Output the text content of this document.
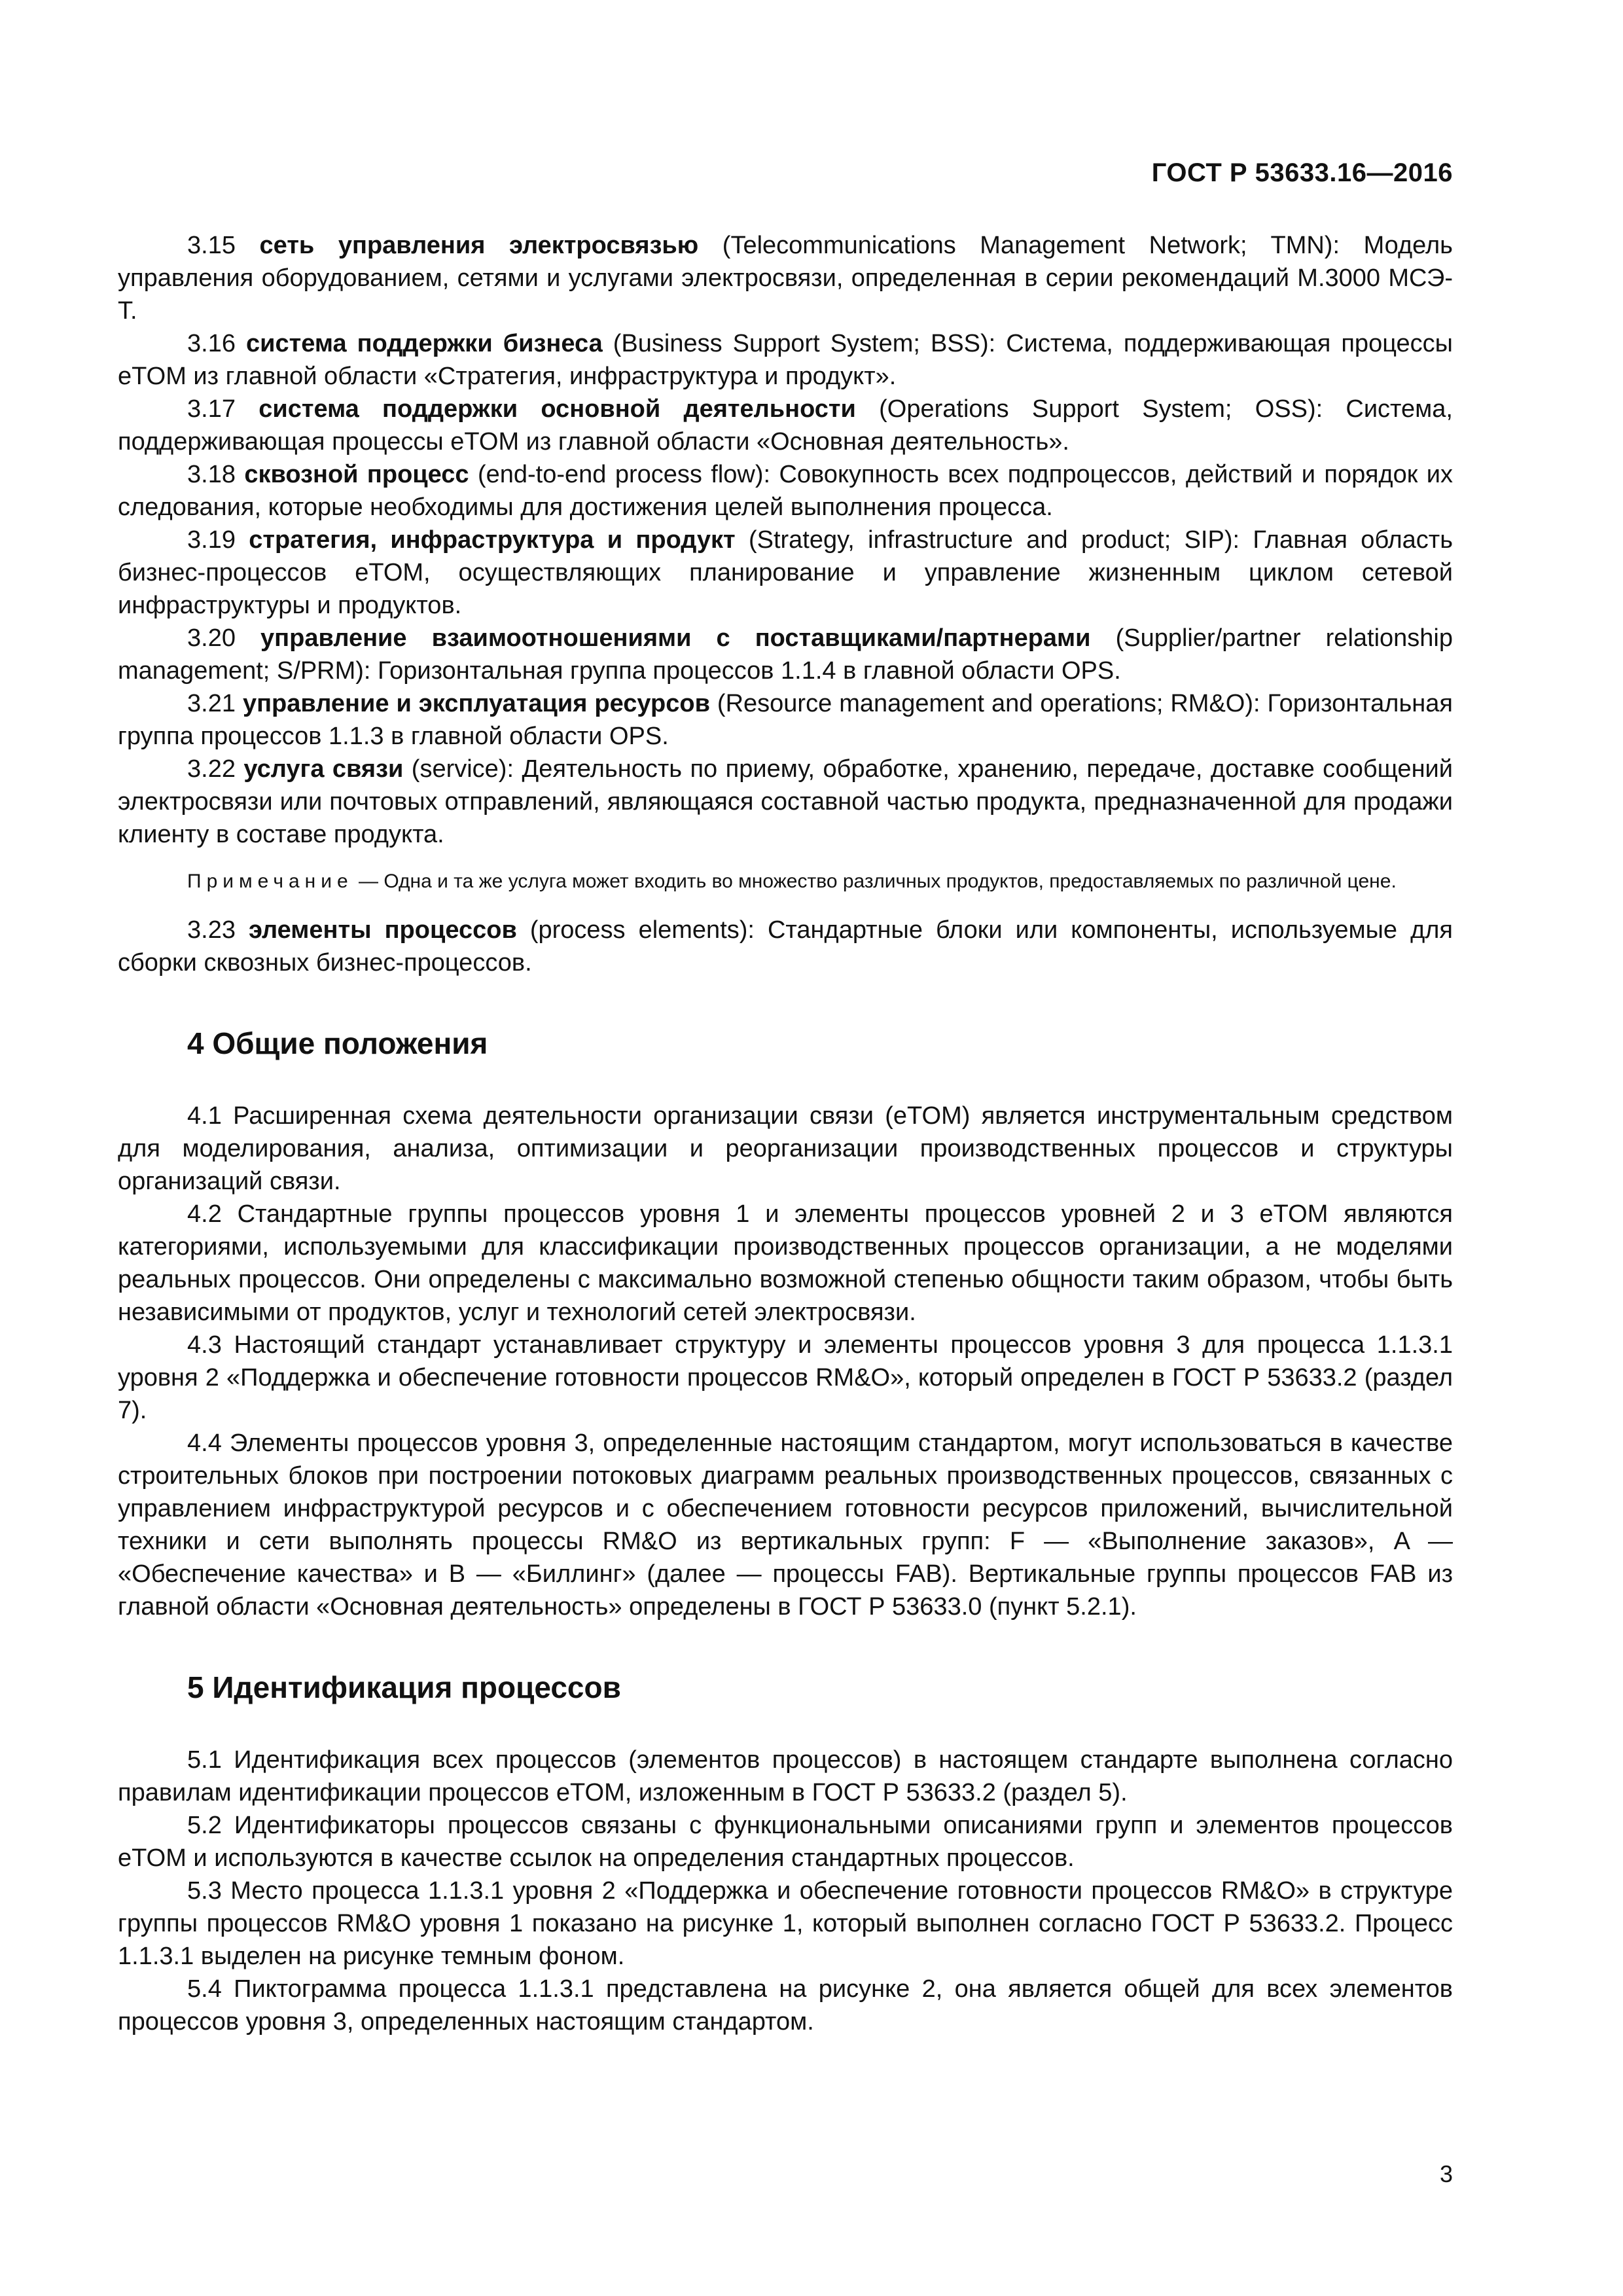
ГОСТ Р 53633.16—2016

3.15 сеть управления электросвязью (Telecommunications Management Network; TMN): Модель управления оборудованием, сетями и услугами электросвязи, определенная в серии рекомендаций M.3000 МСЭ-Т.

3.16 система поддержки бизнеса (Business Support System; BSS): Система, поддерживающая процессы eTOM из главной области «Стратегия, инфраструктура и продукт».

3.17 система поддержки основной деятельности (Operations Support System; OSS): Система, поддерживающая процессы eTOM из главной области «Основная деятельность».

3.18 сквозной процесс (end-to-end process flow): Совокупность всех подпроцессов, действий и порядок их следования, которые необходимы для достижения целей выполнения процесса.

3.19 стратегия, инфраструктура и продукт (Strategy, infrastructure and product; SIP): Главная область бизнес-процессов eTOM, осуществляющих планирование и управление жизненным циклом сетевой инфраструктуры и продуктов.

3.20 управление взаимоотношениями с поставщиками/партнерами (Supplier/partner relationship management; S/PRM): Горизонтальная группа процессов 1.1.4 в главной области OPS.

3.21 управление и эксплуатация ресурсов (Resource management and operations; RM&O): Горизонтальная группа процессов 1.1.3 в главной области OPS.

3.22 услуга связи (service): Деятельность по приему, обработке, хранению, передаче, доставке сообщений электросвязи или почтовых отправлений, являющаяся составной частью продукта, предназначенной для продажи клиенту в составе продукта.

Примечание — Одна и та же услуга может входить во множество различных продуктов, предоставляемых по различной цене.

3.23 элементы процессов (process elements): Стандартные блоки или компоненты, используемые для сборки сквозных бизнес-процессов.

4 Общие положения

4.1 Расширенная схема деятельности организации связи (eTOM) является инструментальным средством для моделирования, анализа, оптимизации и реорганизации производственных процессов и структуры организаций связи.

4.2 Стандартные группы процессов уровня 1 и элементы процессов уровней 2 и 3 eTOM являются категориями, используемыми для классификации производственных процессов организации, а не моделями реальных процессов. Они определены с максимально возможной степенью общности таким образом, чтобы быть независимыми от продуктов, услуг и технологий сетей электросвязи.

4.3 Настоящий стандарт устанавливает структуру и элементы процессов уровня 3 для процесса 1.1.3.1 уровня 2 «Поддержка и обеспечение готовности процессов RM&O», который определен в ГОСТ Р 53633.2 (раздел 7).

4.4 Элементы процессов уровня 3, определенные настоящим стандартом, могут использоваться в качестве строительных блоков при построении потоковых диаграмм реальных производственных процессов, связанных с управлением инфраструктурой ресурсов и с обеспечением готовности ресурсов приложений, вычислительной техники и сети выполнять процессы RM&O из вертикальных групп: F — «Выполнение заказов», A — «Обеспечение качества» и B — «Биллинг» (далее — процессы FAB). Вертикальные группы процессов FAB из главной области «Основная деятельность» определены в ГОСТ Р 53633.0 (пункт 5.2.1).

5 Идентификация процессов

5.1 Идентификация всех процессов (элементов процессов) в настоящем стандарте выполнена согласно правилам идентификации процессов eTOM, изложенным в ГОСТ Р 53633.2 (раздел 5).

5.2 Идентификаторы процессов связаны с функциональными описаниями групп и элементов процессов eTOM и используются в качестве ссылок на определения стандартных процессов.

5.3 Место процесса 1.1.3.1 уровня 2 «Поддержка и обеспечение готовности процессов RM&O» в структуре группы процессов RM&O уровня 1 показано на рисунке 1, который выполнен согласно ГОСТ Р 53633.2. Процесс 1.1.3.1 выделен на рисунке темным фоном.

5.4 Пиктограмма процесса 1.1.3.1 представлена на рисунке 2, она является общей для всех элементов процессов уровня 3, определенных настоящим стандартом.

3
